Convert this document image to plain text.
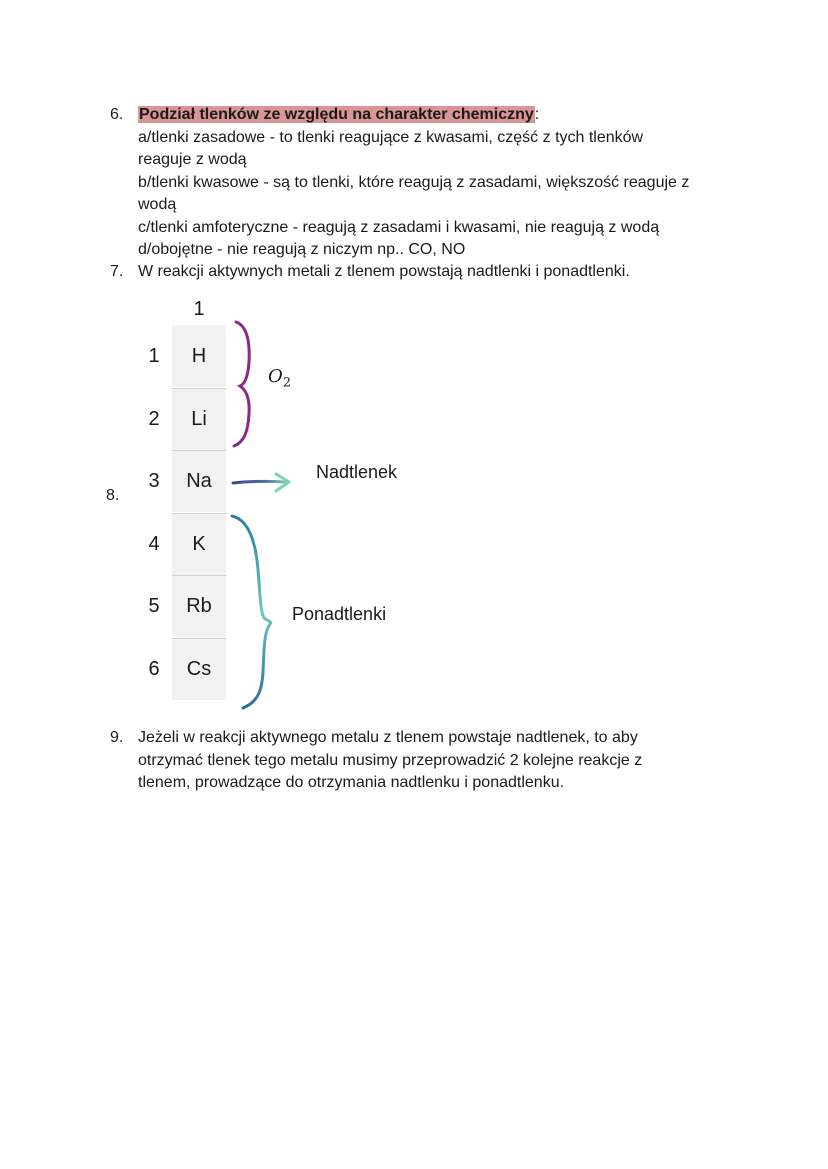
6. Podział tlenków ze względu na charakter chemiczny:
a/tlenki zasadowe - to tlenki reagujące z kwasami, część z tych tlenków
reaguje z wodą
b/tlenki kwasowe - są to tlenki, które reagują z zasadami, większość reaguje z
wodą
c/tlenki amfoteryczne - reagują z zasadami i kwasami, nie reagują z wodą
d/obojętne - nie reagują z niczym np.. CO, NO
7. W reakcji aktywnych metali z tlenem powstają nadtlenki i ponadtlenki.
8.
1
1
2
3
4
5
6
H
Li
Na
K
Rb
Cs
$O_2$
Nadtlenek
Ponadtlenki
9. Jeżeli w reakcji aktywnego metalu z tlenem powstaje nadtlenek, to aby
otrzymać tlenek tego metalu musimy przeprowadzić 2 kolejne reakcje z
tlenem, prowadzące do otrzymania nadtlenku i ponadtlenku.
